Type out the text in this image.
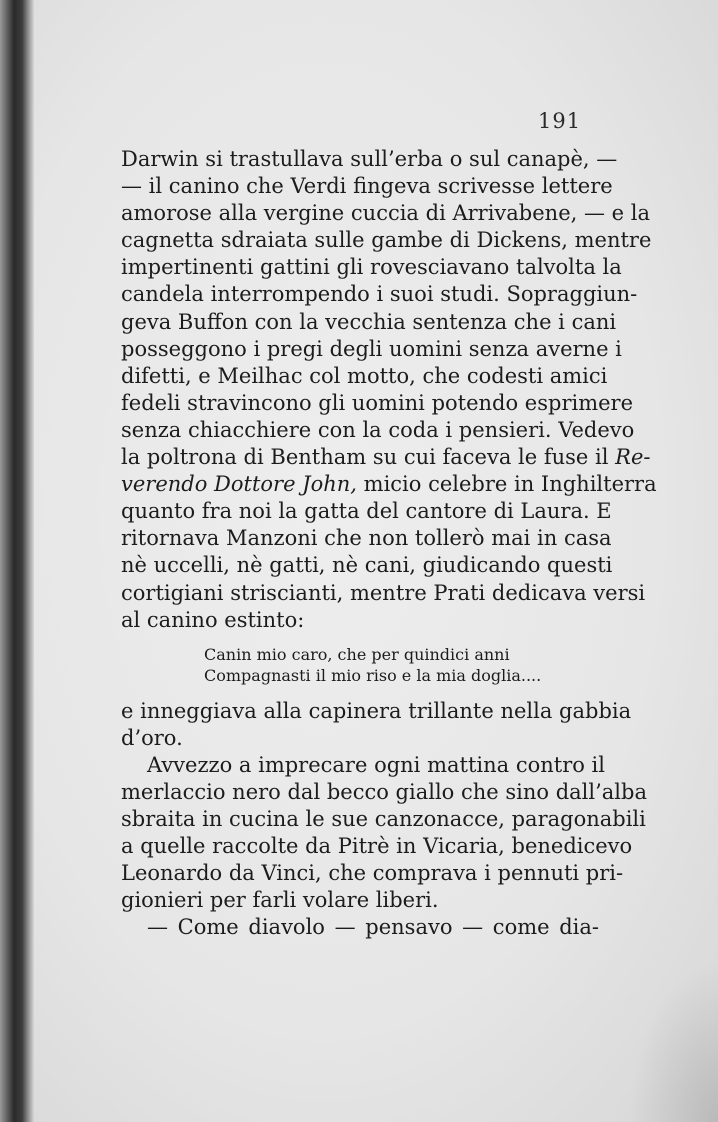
191
Darwin si trastullava sull’erba o sul canapè, —
— il canino che Verdi fingeva scrivesse lettere
amorose alla vergine cuccia di Arrivabene, — e la
cagnetta sdraiata sulle gambe di Dickens, mentre
impertinenti gattini gli rovesciavano talvolta la
candela interrompendo i suoi studi. Sopraggiun-
geva Buffon con la vecchia sentenza che i cani
posseggono i pregi degli uomini senza averne i
difetti, e Meilhac col motto, che codesti amici
fedeli stravincono gli uomini potendo esprimere
senza chiacchiere con la coda i pensieri. Vedevo
la poltrona di Bentham su cui faceva le fuse il Re-
verendo Dottore John, micio celebre in Inghilterra
quanto fra noi la gatta del cantore di Laura. E
ritornava Manzoni che non tollerò mai in casa
nè uccelli, nè gatti, nè cani, giudicando questi
cortigiani striscianti, mentre Prati dedicava versi
al canino estinto:
Canin mio caro, che per quindici anni
Compagnasti il mio riso e la mia doglia....
e inneggiava alla capinera trillante nella gabbia
d’oro.
Avvezzo a imprecare ogni mattina contro il
merlaccio nero dal becco giallo che sino dall’alba
sbraita in cucina le sue canzonacce, paragonabili
a quelle raccolte da Pitrè in Vicaria, benedicevo
Leonardo da Vinci, che comprava i pennuti pri-
gionieri per farli volare liberi.
— Come diavolo — pensavo — come dia-
